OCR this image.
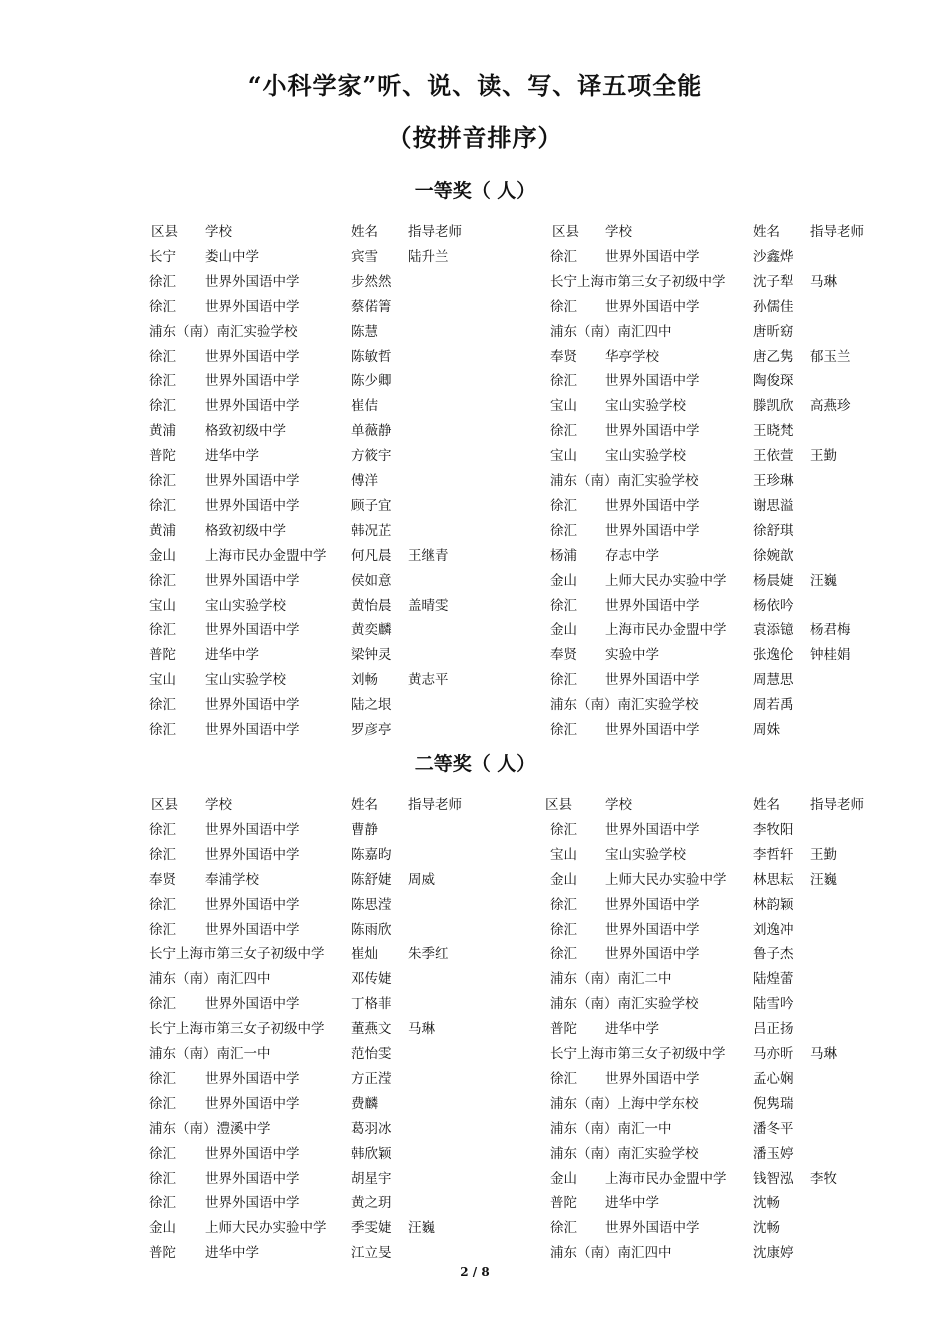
“小科学家”听、说、读、写、译五项全能
（按拼音排序）
一等奖（ 人）
区县 学校	姓名 指导老师	区县 学校	姓名 指导老师
长宁 娄山中学	宾雪 陆升兰	徐汇 世界外国语中学	沙鑫烨
徐汇 世界外国语中学	步然然	长宁上海市第三女子初级中学 沈子犁 马琳
徐汇 世界外国语中学	蔡偌箐	徐汇 世界外国语中学	孙儒佳
浦东（南）南汇实验学校	陈慧	浦东（南）南汇四中	唐昕窈
徐汇 世界外国语中学	陈敏哲	奉贤 华亭学校	唐乙隽 郁玉兰
徐汇 世界外国语中学	陈少卿	徐汇 世界外国语中学	陶俊琛
徐汇 世界外国语中学	崔佶	宝山 宝山实验学校	滕凯欣 高燕珍
黄浦 格致初级中学	单薇静	徐汇 世界外国语中学	王晓梵
普陀 进华中学	方筱宇	宝山 宝山实验学校	王依萱 王勤
徐汇 世界外国语中学	傅洋	浦东（南）南汇实验学校	王珍琳
徐汇 世界外国语中学	顾子宜	徐汇 世界外国语中学	谢思溢
黄浦 格致初级中学	韩况芷	徐汇 世界外国语中学	徐舒琪
金山 上海市民办金盟中学 何凡晨 王继青	杨浦 存志中学	徐婉歆
徐汇 世界外国语中学	侯如意	金山 上师大民办实验中学 杨晨婕 汪巍
宝山 宝山实验学校	黄怡晨 盖晴雯	徐汇 世界外国语中学	杨依吟
徐汇 世界外国语中学	黄奕麟	金山 上海市民办金盟中学 袁添镱 杨君梅
普陀 进华中学	梁钟灵	奉贤 实验中学	张逸伦 钟桂娟
宝山 宝山实验学校	刘畅 黄志平	徐汇 世界外国语中学	周慧思
徐汇 世界外国语中学	陆之垠	浦东（南）南汇实验学校	周若禹
徐汇 世界外国语中学	罗彦亭	徐汇 世界外国语中学	周姝
二等奖（ 人）
区县 学校	姓名 指导老师	区县 学校	姓名 指导老师
徐汇 世界外国语中学	曹静	徐汇 世界外国语中学	李牧阳
徐汇 世界外国语中学	陈嘉昀	宝山 宝山实验学校	李哲轩 王勤
奉贤 奉浦学校	陈舒婕 周威	金山 上师大民办实验中学 林思耘 汪巍
徐汇 世界外国语中学	陈思滢	徐汇 世界外国语中学	林韵颖
徐汇 世界外国语中学	陈雨欣	徐汇 世界外国语中学	刘逸冲
长宁上海市第三女子初级中学 崔灿 朱季红	徐汇 世界外国语中学	鲁子杰
浦东（南）南汇四中	邓传婕	浦东（南）南汇二中	陆煌蕾
徐汇 世界外国语中学	丁格菲	浦东（南）南汇实验学校	陆雪吟
长宁上海市第三女子初级中学 董燕文 马琳	普陀 进华中学	吕正扬
浦东（南）南汇一中	范怡雯	长宁上海市第三女子初级中学 马亦昕 马琳
徐汇 世界外国语中学	方正滢	徐汇 世界外国语中学	孟心娴
徐汇 世界外国语中学	费麟	浦东（南）上海中学东校	倪隽瑞
浦东（南）澧溪中学	葛羽冰	浦东（南）南汇一中	潘冬平
徐汇 世界外国语中学	韩欣颖	浦东（南）南汇实验学校	潘玉婷
徐汇 世界外国语中学	胡星宇	金山 上海市民办金盟中学 钱智泓 李牧
徐汇 世界外国语中学	黄之玥	普陀 进华中学	沈畅
金山 上师大民办实验中学 季雯婕 汪巍	徐汇 世界外国语中学	沈畅
普陀 进华中学	江立旻	浦东（南）南汇四中	沈康婷
2 / 8
